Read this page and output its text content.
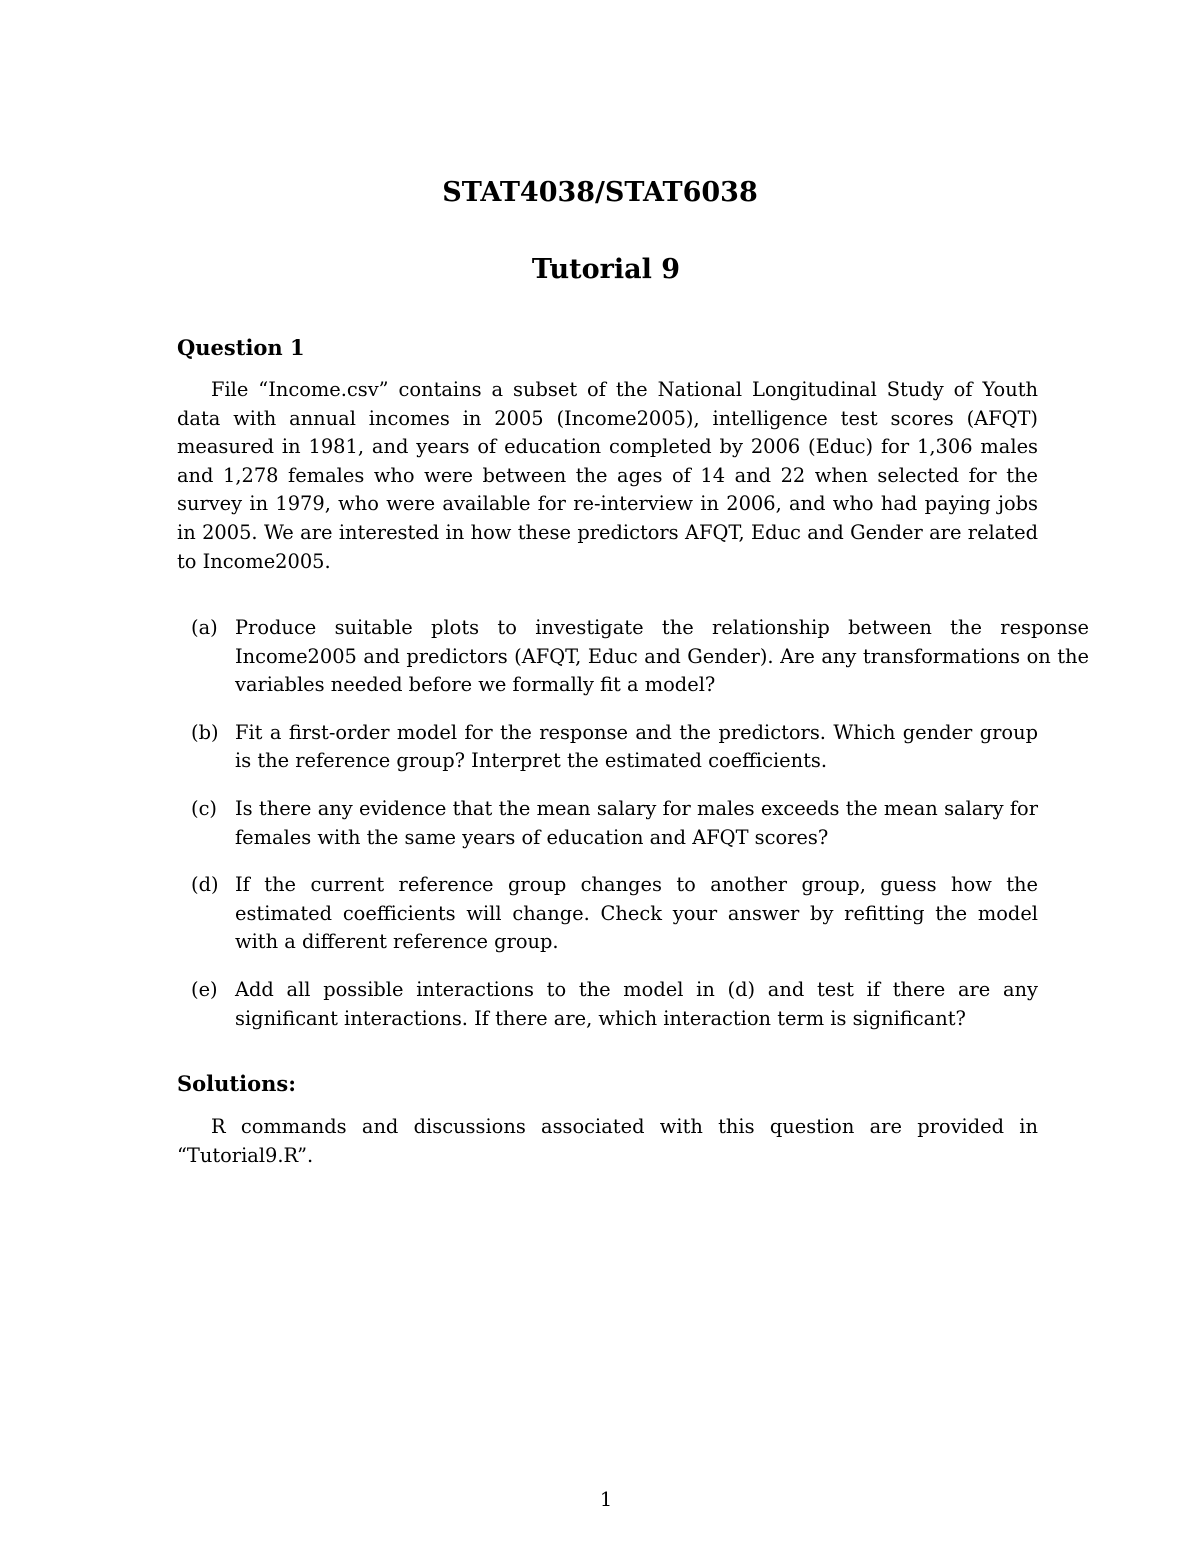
STAT4038/STAT6038
Tutorial 9
Question 1

File “Income.csv” contains a subset of the National Longitudinal Study of Youth data with annual incomes in 2005 (Income2005), intelligence test scores (AFQT) measured in 1981, and years of education completed by 2006 (Educ) for 1,306 males and 1,278 females who were between the ages of 14 and 22 when selected for the survey in 1979, who were available for re-interview in 2006, and who had paying jobs in 2005. We are interested in how these predictors AFQT, Educ and Gender are related to Income2005.

(a) Produce suitable plots to investigate the relationship between the response Income2005 and predictors (AFQT, Educ and Gender). Are any transformations on the variables needed before we formally fit a model?
(b) Fit a first-order model for the response and the predictors. Which gender group is the reference group? Interpret the estimated coefficients.
(c) Is there any evidence that the mean salary for males exceeds the mean salary for females with the same years of education and AFQT scores?
(d) If the current reference group changes to another group, guess how the estimated coefficients will change. Check your answer by refitting the model with a different reference group.
(e) Add all possible interactions to the model in (d) and test if there are any significant interactions. If there are, which interaction term is significant?
Solutions:

R commands and discussions associated with this question are provided in “Tutorial9.R”.

1
